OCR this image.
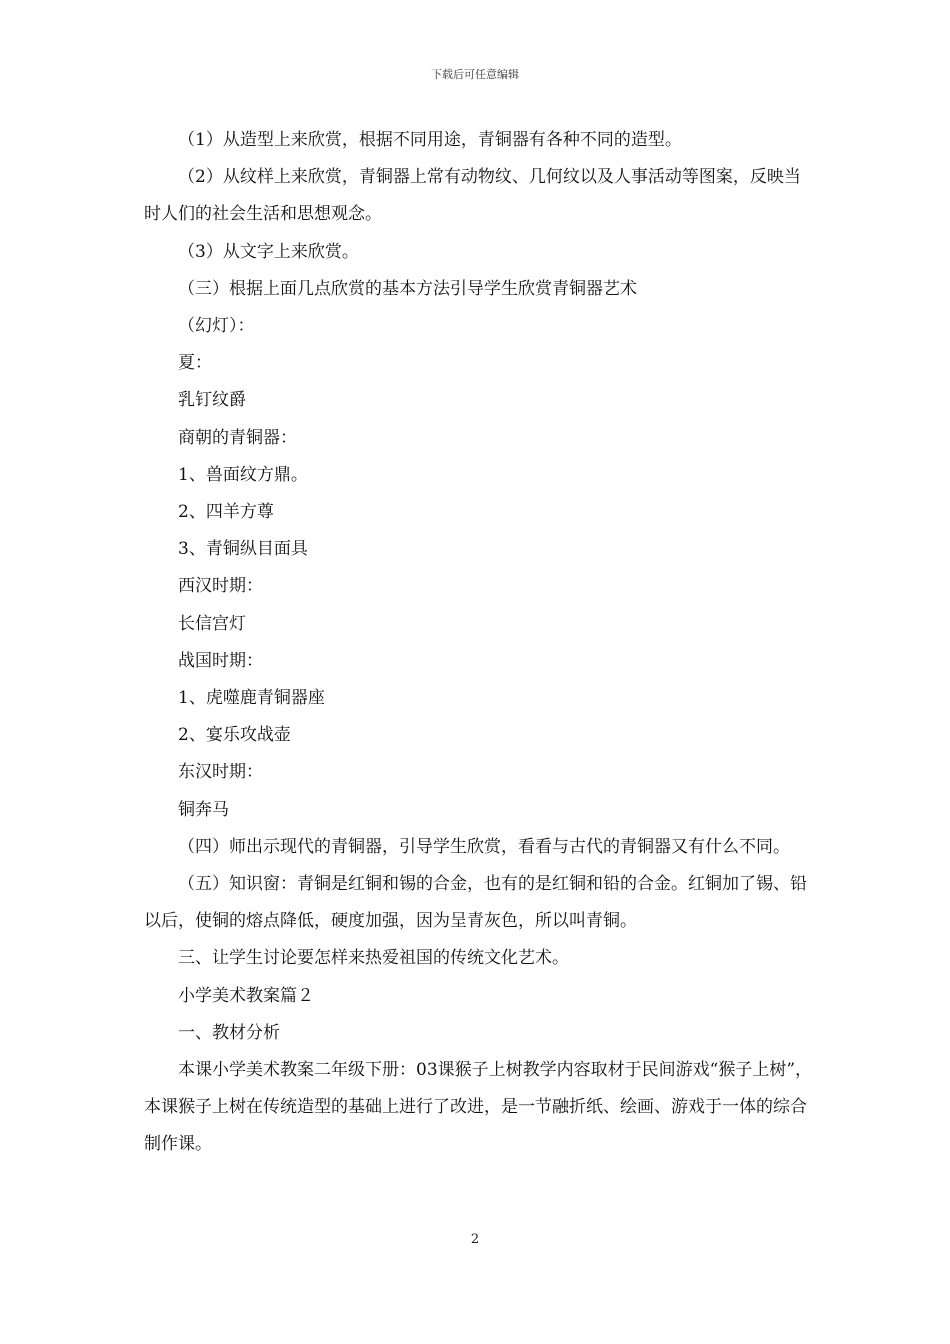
下载后可任意编辑

（1）从造型上来欣赏，根据不同用途，青铜器有各种不同的造型。

（2）从纹样上来欣赏，青铜器上常有动物纹、几何纹以及人事活动等图案，反映当时人们的社会生活和思想观念。

（3）从文字上来欣赏。

（三）根据上面几点欣赏的基本方法引导学生欣赏青铜器艺术

（幻灯）：

夏：

乳钉纹爵

商朝的青铜器：

1、兽面纹方鼎。

2、四羊方尊

3、青铜纵目面具

西汉时期：

长信宫灯

战国时期：

1、虎噬鹿青铜器座

2、宴乐攻战壶

东汉时期：

铜奔马

（四）师出示现代的青铜器，引导学生欣赏，看看与古代的青铜器又有什么不同。

（五）知识窗：青铜是红铜和锡的合金，也有的是红铜和铅的合金。红铜加了锡、铅以后，使铜的熔点降低，硬度加强，因为呈青灰色，所以叫青铜。

三、让学生讨论要怎样来热爱祖国的传统文化艺术。

小学美术教案篇２

一、教材分析

本课小学美术教案二年级下册：03课猴子上树教学内容取材于民间游戏“猴子上树”，本课猴子上树在传统造型的基础上进行了改进，是一节融折纸、绘画、游戏于一体的综合制作课。

2
